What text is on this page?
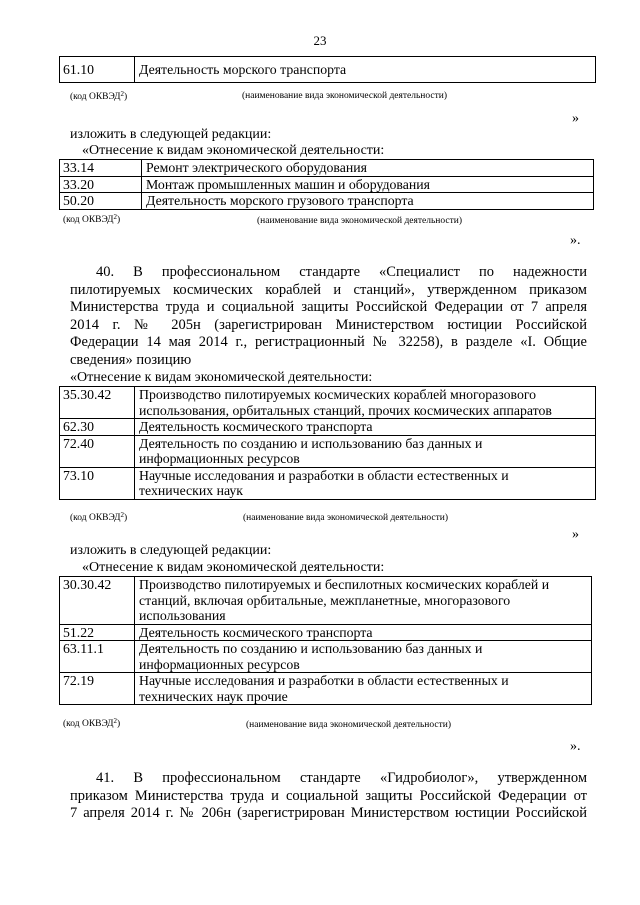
23
61.10	Деятельность морского транспорта
(код ОКВЭД$^2$)	(наименование вида экономической деятельности)
»
изложить в следующей редакции:
«Отнесение к видам экономической деятельности:
33.14	Ремонт электрического оборудования
33.20	Монтаж промышленных машин и оборудования
50.20	Деятельность морского грузового транспорта
(код ОКВЭД$^2$)	(наименование вида экономической деятельности)
».
40. В профессиональном стандарте «Специалист по надежности
пилотируемых космических кораблей и станций», утвержденном приказом
Министерства труда и социальной защиты Российской Федерации от 7 апреля
2014 г. № 205н (зарегистрирован Министерством юстиции Российской
Федерации 14 мая 2014 г., регистрационный № 32258), в разделе «I. Общие
сведения» позицию
«Отнесение к видам экономической деятельности:
35.30.42	Производство пилотируемых космических кораблей многоразового использования, орбитальных станций, прочих космических аппаратов
62.30	Деятельность космического транспорта
72.40	Деятельность по созданию и использованию баз данных и информационных ресурсов
73.10	Научные исследования и разработки в области естественных и технических наук
(код ОКВЭД$^2$)	(наименование вида экономической деятельности)
»
изложить в следующей редакции:
«Отнесение к видам экономической деятельности:
30.30.42	Производство пилотируемых и беспилотных космических кораблей и станций, включая орбитальные, межпланетные, многоразового использования
51.22	Деятельность космического транспорта
63.11.1	Деятельность по созданию и использованию баз данных и информационных ресурсов
72.19	Научные исследования и разработки в области естественных и технических наук прочие
(код ОКВЭД$^2$)	(наименование вида экономической деятельности)
».
41. В профессиональном стандарте «Гидробиолог», утвержденном
приказом Министерства труда и социальной защиты Российской Федерации от
7 апреля 2014 г. № 206н (зарегистрирован Министерством юстиции Российской
